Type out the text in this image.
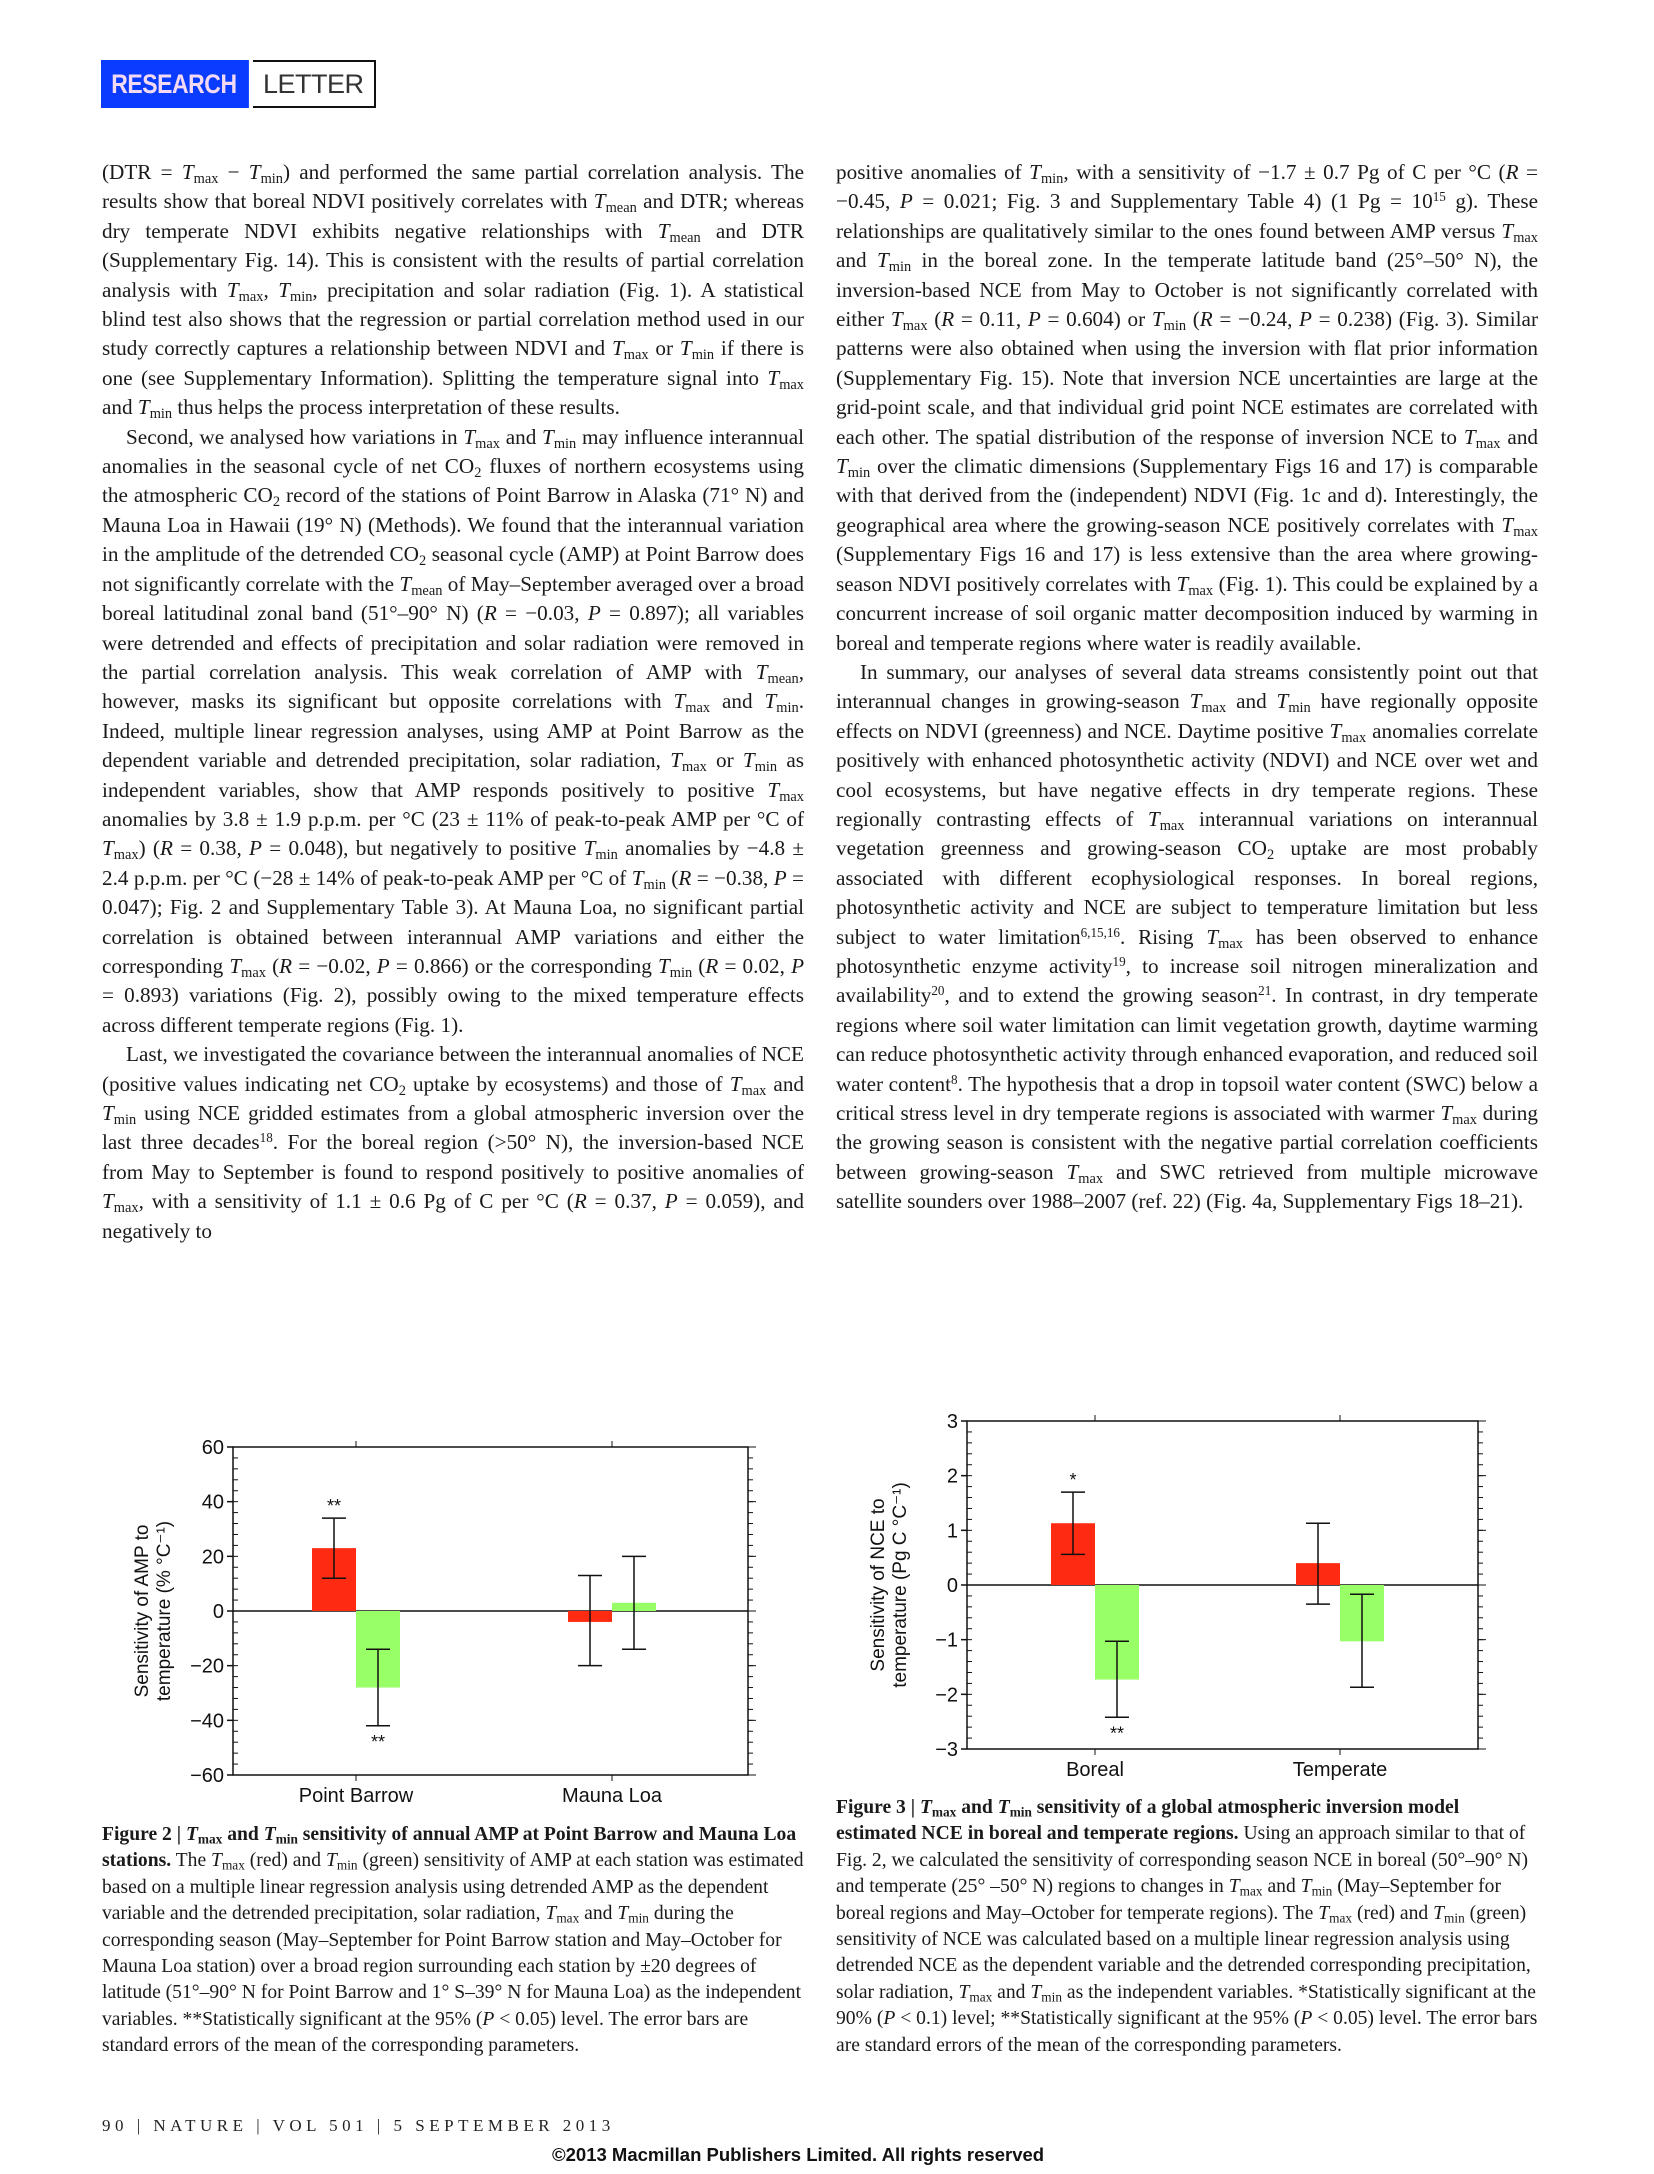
RESEARCH LETTER

$(DTR = T_{max} - T_{min})$ and performed the same partial correlation analysis. The results show that boreal NDVI positively correlates with $T_{mean}$ and DTR; whereas dry temperate NDVI exhibits negative relationships with $T_{mean}$ and DTR (Supplementary Fig. 14). This is consistent with the results of partial correlation analysis with $T_{max}$, $T_{min}$, precipitation and solar radiation (Fig. 1). A statistical blind test also shows that the regression or partial correlation method used in our study correctly captures a relationship between NDVI and $T_{max}$ or $T_{min}$ if there is one (see Supplementary Information). Splitting the temperature signal into $T_{max}$ and $T_{min}$ thus helps the process interpretation of these results.

Second, we analysed how variations in $T_{max}$ and $T_{min}$ may influence interannual anomalies in the seasonal cycle of net $CO_2$ fluxes of northern ecosystems using the atmospheric $CO_2$ record of the stations of Point Barrow in Alaska (71° N) and Mauna Loa in Hawaii (19° N) (Methods). We found that the interannual variation in the amplitude of the detrended $CO_2$ seasonal cycle (AMP) at Point Barrow does not significantly correlate with the $T_{mean}$ of May–September averaged over a broad boreal latitudinal zonal band (51°–90° N) (R = −0.03, P = 0.897); all variables were detrended and effects of precipitation and solar radiation were removed in the partial correlation analysis. This weak correlation of AMP with $T_{mean}$, however, masks its significant but opposite correlations with $T_{max}$ and $T_{min}$. Indeed, multiple linear regression analyses, using AMP at Point Barrow as the dependent variable and detrended precipitation, solar radiation, $T_{max}$ or $T_{min}$ as independent variables, show that AMP responds positively to positive $T_{max}$ anomalies by 3.8 ± 1.9 p.p.m. per °C (23 ± 11% of peak-to-peak AMP per °C of $T_{max}$) (R = 0.38, P = 0.048), but negatively to positive $T_{min}$ anomalies by −4.8 ± 2.4 p.p.m. per °C (−28 ± 14% of peak-to-peak AMP per °C of $T_{min}$ (R = −0.38, P = 0.047); Fig. 2 and Supplementary Table 3). At Mauna Loa, no significant partial correlation is obtained between interannual AMP variations and either the corresponding $T_{max}$ (R = −0.02, P = 0.866) or the corresponding $T_{min}$ (R = 0.02, P = 0.893) variations (Fig. 2), possibly owing to the mixed temperature effects across different temperate regions (Fig. 1).

Last, we investigated the covariance between the interannual anomalies of NCE (positive values indicating net $CO_2$ uptake by ecosystems) and those of $T_{max}$ and $T_{min}$ using NCE gridded estimates from a global atmospheric inversion over the last three decades$^{18}$. For the boreal region (>50° N), the inversion-based NCE from May to September is found to respond positively to positive anomalies of $T_{max}$, with a sensitivity of 1.1 ± 0.6 Pg of C per °C (R = 0.37, P = 0.059), and negatively to

positive anomalies of $T_{min}$, with a sensitivity of −1.7 ± 0.7 Pg of C per °C (R = −0.45, P = 0.021; Fig. 3 and Supplementary Table 4) (1 $Pg = 10^{15}$ g). These relationships are qualitatively similar to the ones found between AMP versus $T_{max}$ and $T_{min}$ in the boreal zone. In the temperate latitude band (25°–50° N), the inversion-based NCE from May to October is not significantly correlated with either $T_{max}$ (R = 0.11, P = 0.604) or $T_{min}$ (R = −0.24, P = 0.238) (Fig. 3). Similar patterns were also obtained when using the inversion with flat prior information (Supplementary Fig. 15). Note that inversion NCE uncertainties are large at the grid-point scale, and that individual grid point NCE estimates are correlated with each other. The spatial distribution of the response of inversion NCE to $T_{max}$ and $T_{min}$ over the climatic dimensions (Supplementary Figs 16 and 17) is comparable with that derived from the (independent) NDVI (Fig. 1c and d). Interestingly, the geographical area where the growing-season NCE positively correlates with $T_{max}$ (Supplementary Figs 16 and 17) is less extensive than the area where growing-season NDVI positively correlates with $T_{max}$ (Fig. 1). This could be explained by a concurrent increase of soil organic matter decomposition induced by warming in boreal and temperate regions where water is readily available.

In summary, our analyses of several data streams consistently point out that interannual changes in growing-season $T_{max}$ and $T_{min}$ have regionally opposite effects on NDVI (greenness) and NCE. Daytime positive $T_{max}$ anomalies correlate positively with enhanced photosynthetic activity (NDVI) and NCE over wet and cool ecosystems, but have negative effects in dry temperate regions. These regionally contrasting effects of $T_{max}$ interannual variations on interannual vegetation greenness and growing-season $CO_2$ uptake are most probably associated with different ecophysiological responses. In boreal regions, photosynthetic activity and NCE are subject to temperature limitation but less subject to water limitation$^{6,15,16}$. Rising $T_{max}$ has been observed to enhance photosynthetic enzyme activity$^{19}$, to increase soil nitrogen mineralization and availability$^{20}$, and to extend the growing season$^{21}$. In contrast, in dry temperate regions where soil water limitation can limit vegetation growth, daytime warming can reduce photosynthetic activity through enhanced evaporation, and reduced soil water content$^8$. The hypothesis that a drop in topsoil water content (SWC) below a critical stress level in dry temperate regions is associated with warmer $T_{max}$ during the growing season is consistent with the negative partial correlation coefficients between growing-season $T_{max}$ and SWC retrieved from multiple microwave satellite sounders over 1988–2007 (ref. 22) (Fig. 4a, Supplementary Figs 18–21).

60
40
20
0
−20
−40
−60
Sensitivity of AMP to temperature (% °C⁻¹)
Point Barrow
**
**
Mauna Loa
3
2
1
0
−1
−2
−3
Sensitivity of NCE to temperature (Pg C °C⁻¹)
Boreal
*
**
Temperate
Figure 2 | $T_{max}$ and $T_{min}$ sensitivity of annual AMP at Point Barrow and Mauna Loa stations. The $T_{max}$ (red) and $T_{min}$ (green) sensitivity of AMP at each station was estimated based on a multiple linear regression analysis using detrended AMP as the dependent variable and the detrended precipitation, solar radiation, $T_{max}$ and $T_{min}$ during the corresponding season (May–September for Point Barrow station and May–October for Mauna Loa station) over a broad region surrounding each station by ±20 degrees of latitude (51°–90° N for Point Barrow and 1° S–39° N for Mauna Loa) as the independent variables. **Statistically significant at the 95% (P < 0.05) level. The error bars are standard errors of the mean of the corresponding parameters.
Figure 3 | $T_{max}$ and $T_{min}$ sensitivity of a global atmospheric inversion model estimated NCE in boreal and temperate regions. Using an approach similar to that of Fig. 2, we calculated the sensitivity of corresponding season NCE in boreal (50°–90° N) and temperate (25° –50° N) regions to changes in $T_{max}$ and $T_{min}$ (May–September for boreal regions and May–October for temperate regions). The $T_{max}$ (red) and $T_{min}$ (green) sensitivity of NCE was calculated based on a multiple linear regression analysis using detrended NCE as the dependent variable and the detrended corresponding precipitation, solar radiation, $T_{max}$ and $T_{min}$ as the independent variables. *Statistically significant at the 90% (P < 0.1) level; **Statistically significant at the 95% (P < 0.05) level. The error bars are standard errors of the mean of the corresponding parameters.
90 | NATURE | VOL 501 | 5 SEPTEMBER 2013
©2013 Macmillan Publishers Limited. All rights reserved
